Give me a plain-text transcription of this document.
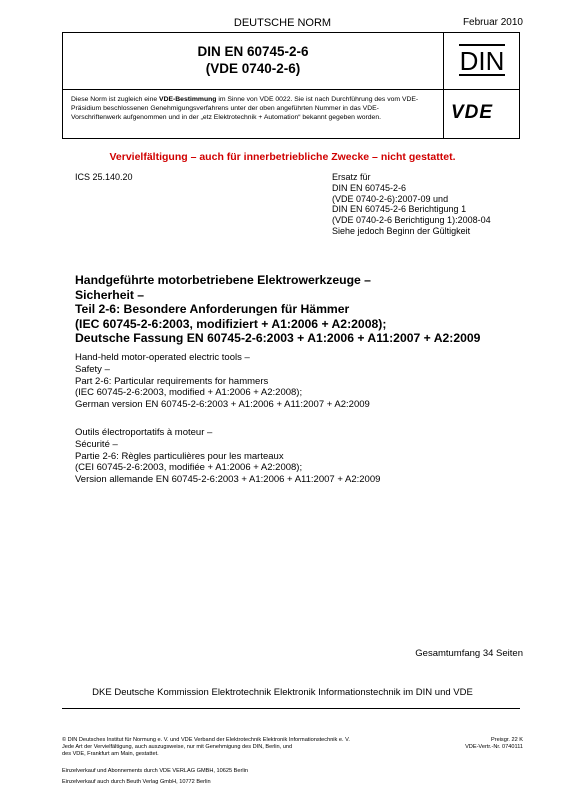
DEUTSCHE NORM	Februar 2010
DIN EN 60745-2-6
(VDE 0740-2-6)	DIN
Diese Norm ist zugleich eine VDE-Bestimmung im Sinne von VDE 0022. Sie ist nach Durchführung des vom VDE-Präsidium beschlossenen Genehmigungsverfahrens unter der oben angeführten Nummer in das VDE-Vorschriftenwerk aufgenommen und in der „etz Elektrotechnik + Automation“ bekannt gegeben worden.	VDE
Vervielfältigung – auch für innerbetriebliche Zwecke – nicht gestattet.
ICS 25.140.20	Ersatz für
DIN EN 60745-2-6
(VDE 0740-2-6):2007-09 und
DIN EN 60745-2-6 Berichtigung 1
(VDE 0740-2-6 Berichtigung 1):2008-04
Siehe jedoch Beginn der Gültigkeit
Handgeführte motorbetriebene Elektrowerkzeuge –
Sicherheit –
Teil 2-6: Besondere Anforderungen für Hämmer
(IEC 60745-2-6:2003, modifiziert + A1:2006 + A2:2008);
Deutsche Fassung EN 60745-2-6:2003 + A1:2006 + A11:2007 + A2:2009
Hand-held motor-operated electric tools –
Safety –
Part 2-6: Particular requirements for hammers
(IEC 60745-2-6:2003, modified + A1:2006 + A2:2008);
German version EN 60745-2-6:2003 + A1:2006 + A11:2007 + A2:2009
Outils électroportatifs à moteur –
Sécurité –
Partie 2-6: Règles particulières pour les marteaux
(CEI 60745-2-6:2003, modifiée + A1:2006 + A2:2008);
Version allemande EN 60745-2-6:2003 + A1:2006 + A11:2007 + A2:2009
Gesamtumfang 34 Seiten
DKE Deutsche Kommission Elektrotechnik Elektronik Informationstechnik im DIN und VDE
© DIN Deutsches Institut für Normung e. V. und VDE Verband der Elektrotechnik Elektronik Informationstechnik e. V.
Jede Art der Vervielfältigung, auch auszugsweise, nur mit Genehmigung des DIN, Berlin, und
des VDE, Frankfurt am Main, gestattet.
Preisgr. 22 K
VDE-Vertr.-Nr. 0740111
Einzelverkauf und Abonnements durch VDE VERLAG GMBH, 10625 Berlin
Einzelverkauf auch durch Beuth Verlag GmbH, 10772 Berlin
